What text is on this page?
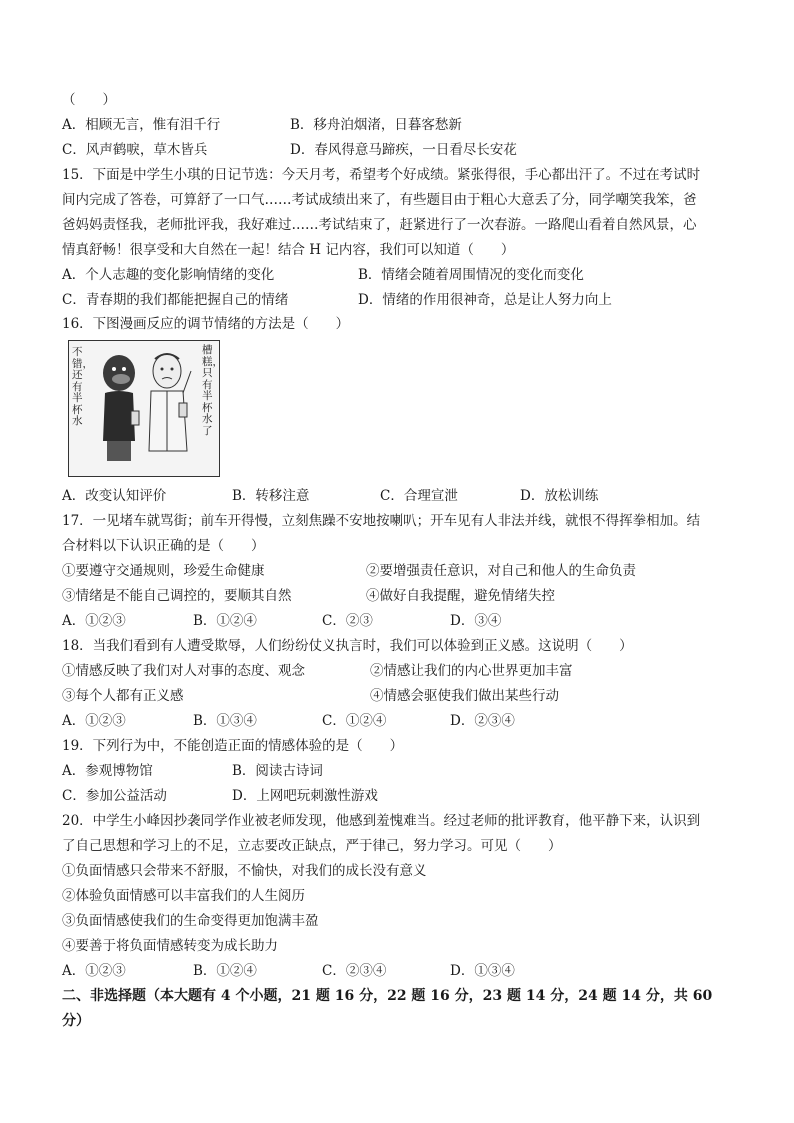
（　　）
A．相顾无言，惟有泪千行	B．移舟泊烟渚，日暮客愁新
C．风声鹤唳，草木皆兵	D．春风得意马蹄疾，一日看尽长安花
15．下面是中学生小琪的日记节选：今天月考，希望考个好成绩。紧张得很，手心都出汗了。不过在考试时
间内完成了答卷，可算舒了一口气……考试成绩出来了，有些题目由于粗心大意丢了分，同学嘲笑我笨，爸
爸妈妈责怪我，老师批评我，我好难过……考试结束了，赶紧进行了一次春游。一路爬山看着自然风景，心
情真舒畅！很享受和大自然在一起！结合 H 记内容，我们可以知道（　　）
A．个人志趣的变化影响情绪的变化	B．情绪会随着周围情况的变化而变化
C．青春期的我们都能把握自己的情绪	D．情绪的作用很神奇，总是让人努力向上
16．下图漫画反应的调节情绪的方法是（　　）
不错，还有半杯水
槽糕，只有半杯水了
A．改变认知评价	B．转移注意	C．合理宣泄	D．放松训练
17．一见堵车就骂街；前车开得慢，立刻焦躁不安地按喇叭；开车见有人非法并线，就恨不得挥拳相加。结
合材料以下认识正确的是（　　）
①要遵守交通规则，珍爱生命健康	②要增强责任意识，对自己和他人的生命负责
③情绪是不能自己调控的，要顺其自然	④做好自我提醒，避免情绪失控
A．①②③	B．①②④	C．②③	D．③④
18．当我们看到有人遭受欺辱，人们纷纷仗义执言时，我们可以体验到正义感。这说明（　　）
①情感反映了我们对人对事的态度、观念	②情感让我们的内心世界更加丰富
③每个人都有正义感	④情感会驱使我们做出某些行动
A．①②③	B．①③④	C．①②④	D．②③④
19．下列行为中，不能创造正面的情感体验的是（　　）
A．参观博物馆	B．阅读古诗词
C．参加公益活动	D．上网吧玩刺激性游戏
20．中学生小峰因抄袭同学作业被老师发现，他感到羞愧难当。经过老师的批评教育，他平静下来，认识到
了自己思想和学习上的不足，立志要改正缺点，严于律己，努力学习。可见（　　）
①负面情感只会带来不舒服，不愉快，对我们的成长没有意义
②体验负面情感可以丰富我们的人生阅历
③负面情感使我们的生命变得更加饱满丰盈
④要善于将负面情感转变为成长助力
A．①②③	B．①②④	C．②③④	D．①③④
二、非选择题（本大题有 4 个小题，21 题 16 分，22 题 16 分，23 题 14 分，24 题 14 分，共 60
分）
